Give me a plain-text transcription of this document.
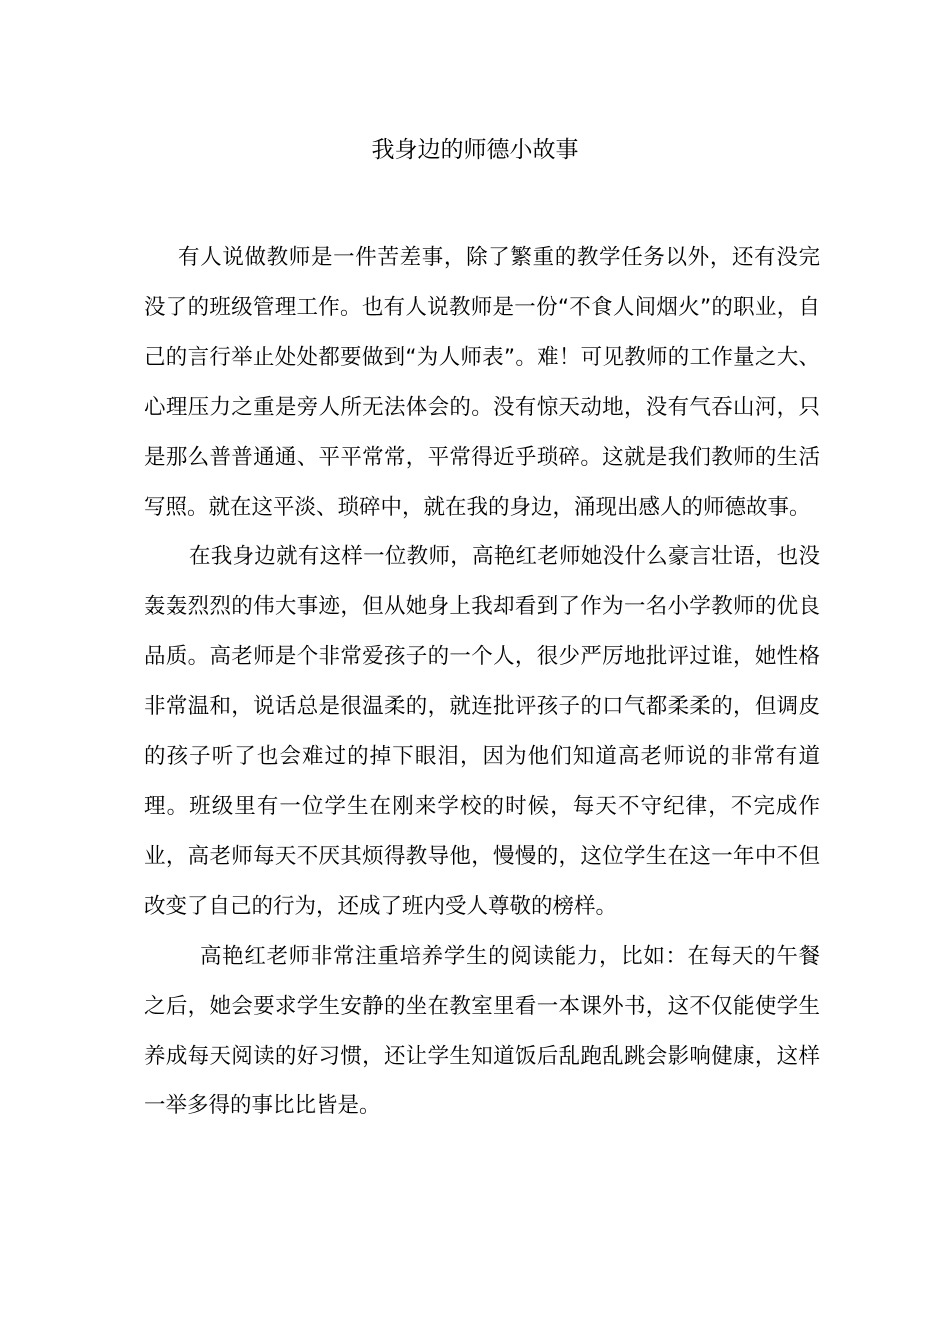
我身边的师德小故事

有人说做教师是一件苦差事，除了繁重的教学任务以外，还有没完没了的班级管理工作。也有人说教师是一份“不食人间烟火”的职业，自己的言行举止处处都要做到“为人师表”。难！可见教师的工作量之大、心理压力之重是旁人所无法体会的。没有惊天动地，没有气吞山河，只是那么普普通通、平平常常，平常得近乎琐碎。这就是我们教师的生活写照。就在这平淡、琐碎中，就在我的身边，涌现出感人的师德故事。

在我身边就有这样一位教师，高艳红老师她没什么豪言壮语，也没轰轰烈烈的伟大事迹，但从她身上我却看到了作为一名小学教师的优良品质。高老师是个非常爱孩子的一个人，很少严厉地批评过谁，她性格非常温和，说话总是很温柔的，就连批评孩子的口气都柔柔的，但调皮的孩子听了也会难过的掉下眼泪，因为他们知道高老师说的非常有道理。班级里有一位学生在刚来学校的时候，每天不守纪律，不完成作业，高老师每天不厌其烦得教导他，慢慢的，这位学生在这一年中不但改变了自己的行为，还成了班内受人尊敬的榜样。

高艳红老师非常注重培养学生的阅读能力，比如：在每天的午餐之后，她会要求学生安静的坐在教室里看一本课外书，这不仅能使学生养成每天阅读的好习惯，还让学生知道饭后乱跑乱跳会影响健康，这样一举多得的事比比皆是。
